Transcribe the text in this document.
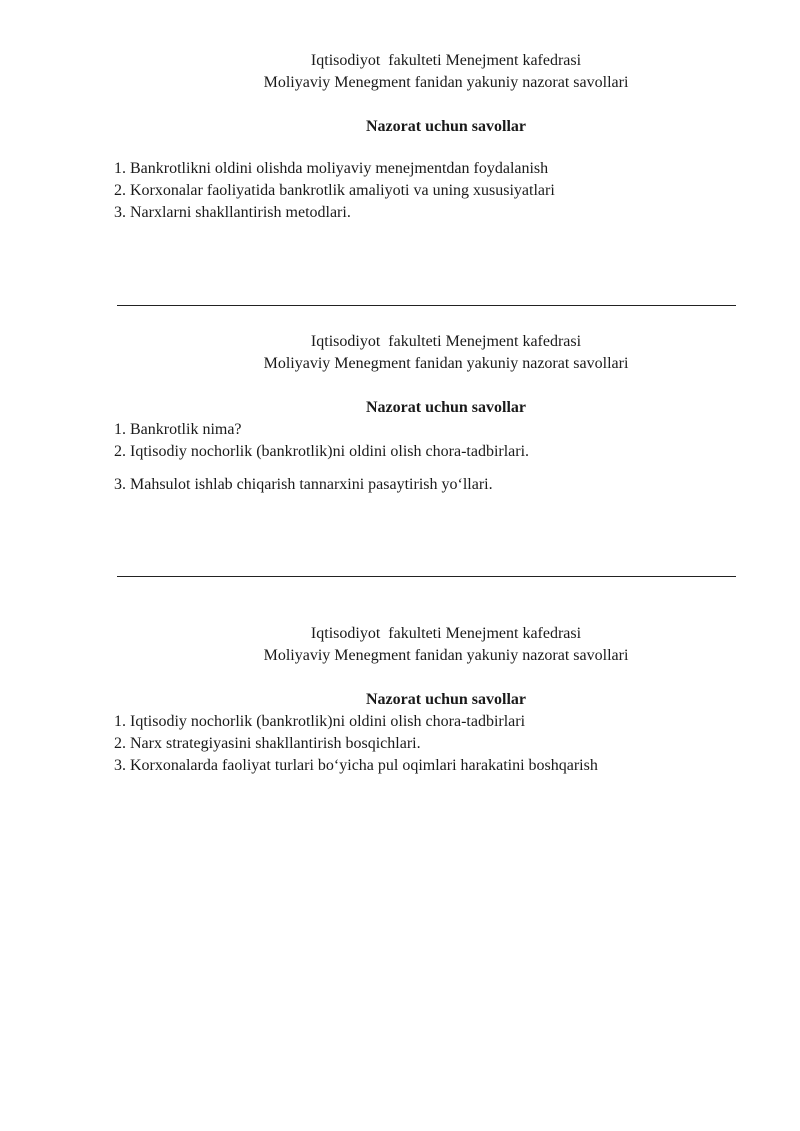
Iqtisodiyot  fakulteti Menejment kafedrasi
Moliyaviy Menegment fanidan yakuniy nazorat savollari
Nazorat uchun savollar
1. Bankrotlikni oldini olishda moliyaviy menejmentdan foydalanish
2. Korxonalar faoliyatida bankrotlik amaliyoti va uning xususiyatlari
3. Narxlarni shakllantirish metodlari.
Iqtisodiyot  fakulteti Menejment kafedrasi
Moliyaviy Menegment fanidan yakuniy nazorat savollari
Nazorat uchun savollar
1. Bankrotlik nima?
2. Iqtisodiy nochorlik (bankrotlik)ni oldini olish chora-tadbirlari.
3. Mahsulot ishlab chiqarish tannarxini pasaytirish yo‘llari.
Iqtisodiyot  fakulteti Menejment kafedrasi
Moliyaviy Menegment fanidan yakuniy nazorat savollari
Nazorat uchun savollar
1. Iqtisodiy nochorlik (bankrotlik)ni oldini olish chora-tadbirlari
2. Narx strategiyasini shakllantirish bosqichlari.
3. Korxonalarda faoliyat turlari bo‘yicha pul oqimlari harakatini boshqarish
